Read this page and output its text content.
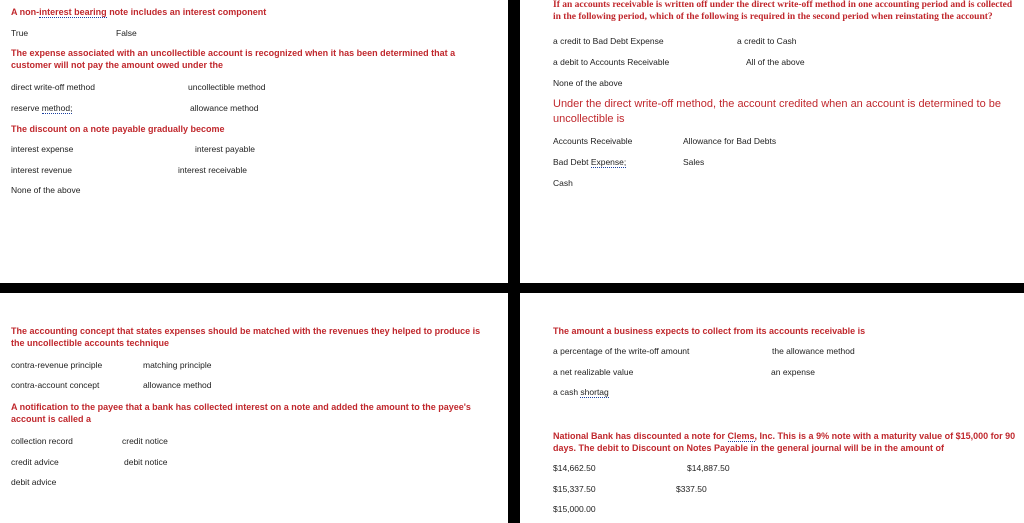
A non-interest bearing note includes an interest component
True	False
The expense associated with an uncollectible account is recognized when it has been determined that a customer will not pay the amount owed under the
direct write-off method	uncollectible method
reserve method;	allowance method
The discount on a note payable gradually become
interest expense	interest payable
interest revenue	interest receivable
None of the above
If an accounts receivable is written off under the direct write-off method in one accounting period and is collected in the following period, which of the following is required in the second period when reinstating the account?
a credit to Bad Debt Expense	a credit to Cash
a debit to Accounts Receivable	All of the above
None of the above
Under the direct write-off method, the account credited when an account is determined to be uncollectible is
Accounts Receivable	Allowance for Bad Debts
Bad Debt Expense;	Sales
Cash
The accounting concept that states expenses should be matched with the revenues they helped to produce is the uncollectible accounts technique
contra-revenue principle	matching principle
contra-account concept	allowance method
A notification to the payee that a bank has collected interest on a note and added the amount to the payee's account is called a
collection record	credit notice
credit advice	debit notice
debit advice
The amount a business expects to collect from its accounts receivable is
a percentage of the write-off amount	the allowance method
a net realizable value	an expense
a cash shortag
National Bank has discounted a note for Clems, Inc. This is a 9% note with a maturity value of $15,000 for 90 days. The debit to Discount on Notes Payable in the general journal will be in the amount of
$14,662.50	$14,887.50
$15,337.50	$337.50
$15,000.00
